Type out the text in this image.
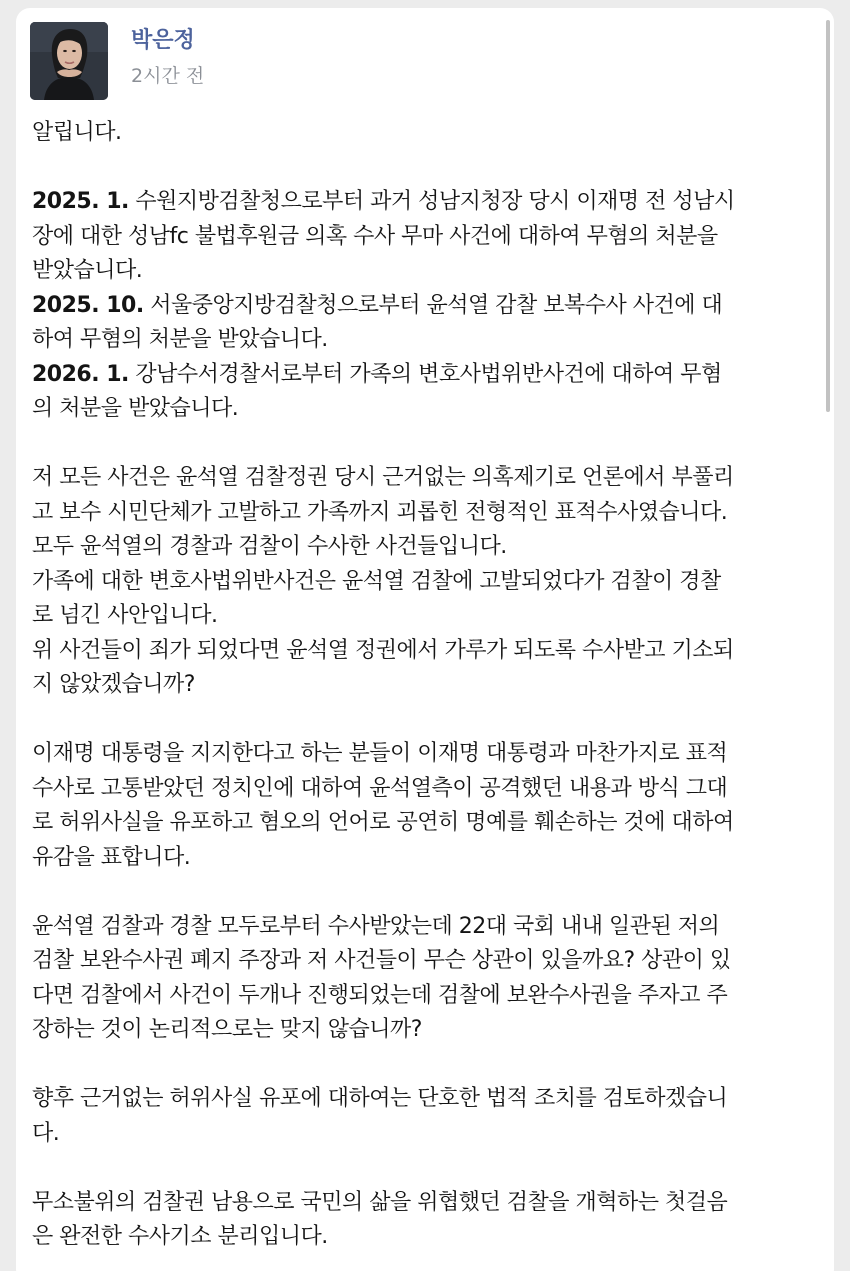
박은정
2시간 전

알립니다.

2025. 1. 수원지방검찰청으로부터 과거 성남지청장 당시 이재명 전 성남시
장에 대한 성남fc 불법후원금 의혹 수사 무마 사건에 대하여 무혐의 처분을
받았습니다.

2025. 10. 서울중앙지방검찰청으로부터 윤석열 감찰 보복수사 사건에 대
하여 무혐의 처분을 받았습니다.

2026. 1. 강남수서경찰서로부터 가족의 변호사법위반사건에 대하여 무혐
의 처분을 받았습니다.

저 모든 사건은 윤석열 검찰정권 당시 근거없는 의혹제기로 언론에서 부풀리
고 보수 시민단체가 고발하고 가족까지 괴롭힌 전형적인 표적수사였습니다.
모두 윤석열의 경찰과 검찰이 수사한 사건들입니다.
가족에 대한 변호사법위반사건은 윤석열 검찰에 고발되었다가 검찰이 경찰
로 넘긴 사안입니다.
위 사건들이 죄가 되었다면 윤석열 정권에서 가루가 되도록 수사받고 기소되
지 않았겠습니까?

이재명 대통령을 지지한다고 하는 분들이 이재명 대통령과 마찬가지로 표적
수사로 고통받았던 정치인에 대하여 윤석열측이 공격했던 내용과 방식 그대
로 허위사실을 유포하고 혐오의 언어로 공연히 명예를 훼손하는 것에 대하여
유감을 표합니다.

윤석열 검찰과 경찰 모두로부터 수사받았는데 22대 국회 내내 일관된 저의
검찰 보완수사권 폐지 주장과 저 사건들이 무슨 상관이 있을까요? 상관이 있
다면 검찰에서 사건이 두개나 진행되었는데 검찰에 보완수사권을 주자고 주
장하는 것이 논리적으로는 맞지 않습니까?

향후 근거없는 허위사실 유포에 대하여는 단호한 법적 조치를 검토하겠습니
다.

무소불위의 검찰권 남용으로 국민의 삶을 위협했던 검찰을 개혁하는 첫걸음
은 완전한 수사기소 분리입니다.
